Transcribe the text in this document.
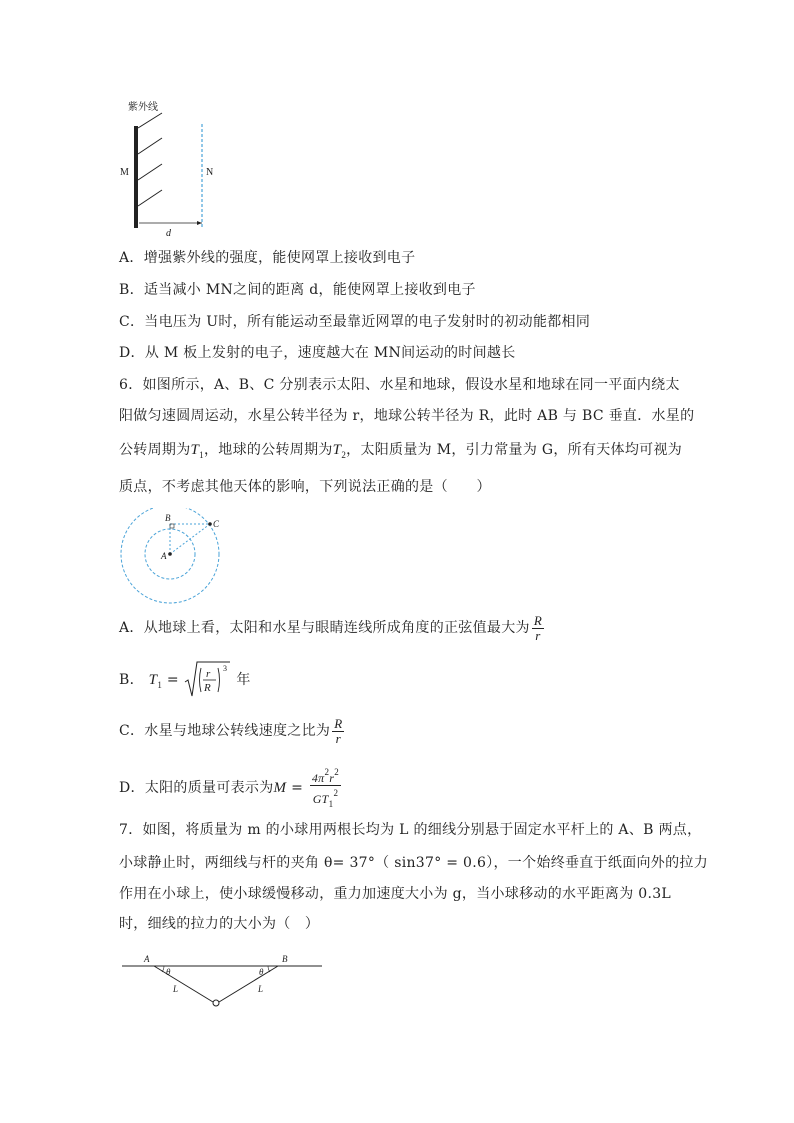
紫外线
M	N
d
A．增强紫外线的强度，能使网罩上接收到电子
B．适当减小 MN之间的距离 d，能使网罩上接收到电子
C．当电压为 U时，所有能运动至最靠近网罩的电子发射时的初动能都相同
D．从 M 板上发射的电子，速度越大在 MN间运动的时间越长
6．如图所示，A、B、C 分别表示太阳、水星和地球，假设水星和地球在同一平面内绕太
阳做匀速圆周运动，水星公转半径为 r，地球公转半径为 R，此时 AB 与 BC 垂直．水星的
公转周期为$T_1$，地球的公转周期为$T_2$，太阳质量为 M，引力常量为 G，所有天体均可视为
质点，不考虑其他天体的影响，下列说法正确的是（　　）
A
B
C
A．从地球上看，太阳和水星与眼睛连线所成角度的正弦值最大为 $\frac{R}{r}$
B． $T_1 = r$
R
3
年
C．水星与地球公转线速度之比为 $\frac{R}{r}$
D．太阳的质量可表示为$M = \frac{4\pi^2r^2}{GT_1^2}$
7．如图，将质量为 m 的小球用两根长均为 L 的细线分别悬于固定水平杆上的 A、B 两点，
小球静止时，两细线与杆的夹角 θ= 37°（ sin37° = 0.6），一个始终垂直于纸面向外的拉力
作用在小球上，使小球缓慢移动，重力加速度大小为 g，当小球移动的水平距离为 0.3L
时，细线的拉力的大小为（　）
A	B
θ	θ
L	L
